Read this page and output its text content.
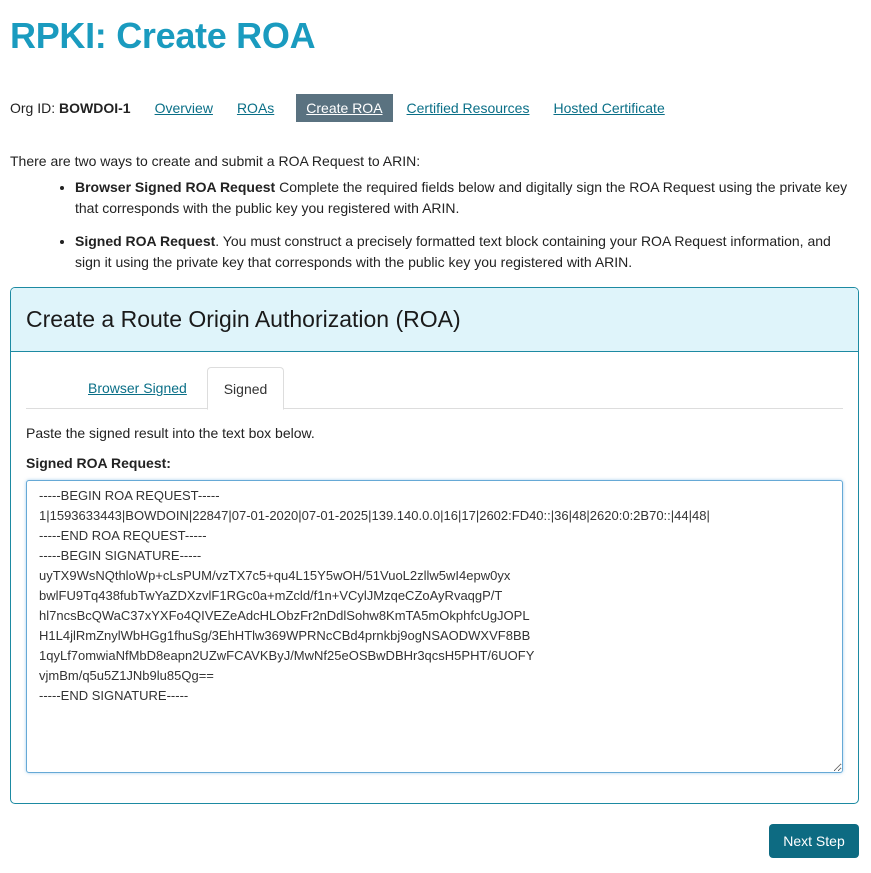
RPKI: Create ROA
Org ID: BOWDOI-1 Overview ROAs	Create ROA	Certified Resources Hosted Certificate

There are two ways to create and submit a ROA Request to ARIN:

• Browser Signed ROA Request Complete the required fields below and digitally sign the ROA Request using the private key that corresponds with the public key you registered with ARIN.
• Signed ROA Request. You must construct a precisely formatted text block containing your ROA Request information, and sign it using the private key that corresponds with the public key you registered with ARIN.
Create a Route Origin Authorization (ROA)
Browser Signed	Signed

Paste the signed result into the text box below.

Signed ROA Request:

-----BEGIN ROA REQUEST----- 1|1593633443|BOWDOIN|22847|07-01-2020|07-01-2025|139.140.0.0|16|17|2602:FD40::|36|48|2620:0:2B70::|44|48| -----END ROA REQUEST----- -----BEGIN SIGNATURE----- uyTX9WsNQthloWp+cLsPUM/vzTX7c5+qu4L15Y5wOH/51VuoL2zllw5wI4epw0yx bwlFU9Tq438fubTwYaZDXzvlF1RGc0a+mZcld/f1n+VCylJMzqeCZoAyRvaqgP/T hl7ncsBcQWaC37xYXFo4QIVEZeAdcHLObzFr2nDdlSohw8KmTA5mOkphfcUgJOPL H1L4jlRmZnylWbHGg1fhuSg/3EhHTlw369WPRNcCBd4prnkbj9ogNSAODWXVF8BB 1qyLf7omwiaNfMbD8eapn2UZwFCAVKByJ/MwNf25eOSBwDBHr3qcsH5PHT/6UOFY vjmBm/q5u5Z1JNb9lu85Qg== -----END SIGNATURE-----
Next Step
